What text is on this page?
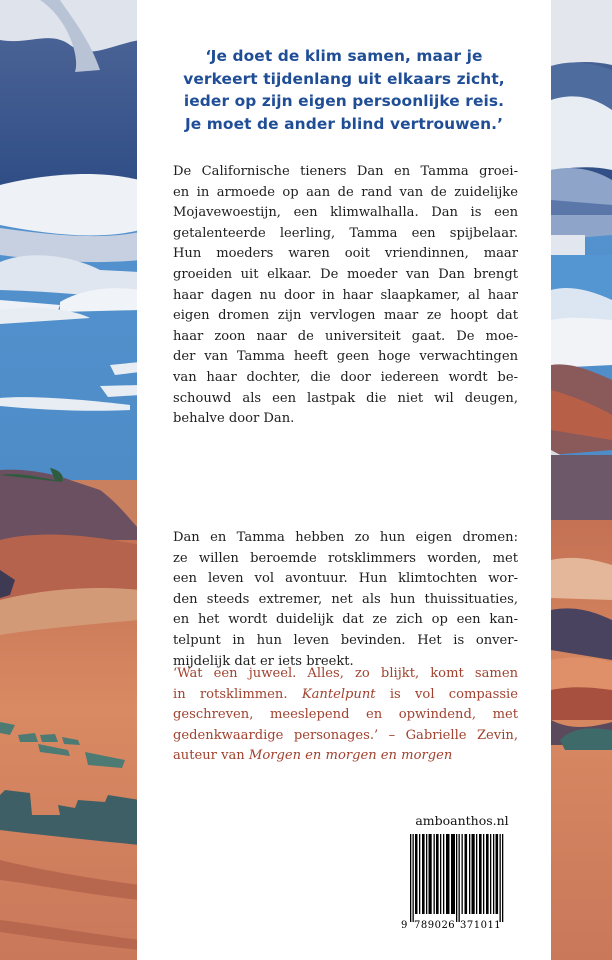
‘Je doet de klim samen, maar je
verkeert tijdenlang uit elkaars zicht,
ieder op zijn eigen persoonlijke reis.
Je moet de ander blind vertrouwen.’
De Californische tieners Dan en Tamma groei-
en in armoede op aan de rand van de zuidelijke
Mojavewoestijn, een klimwalhalla. Dan is een
getalenteerde leerling, Tamma een spijbelaar.
Hun moeders waren ooit vriendinnen, maar
groeiden uit elkaar. De moeder van Dan brengt
haar dagen nu door in haar slaapkamer, al haar
eigen dromen zijn vervlogen maar ze hoopt dat
haar zoon naar de universiteit gaat. De moe-
der van Tamma heeft geen hoge verwachtingen
van haar dochter, die door iedereen wordt be-
schouwd als een lastpak die niet wil deugen,
behalve door Dan.
Dan en Tamma hebben zo hun eigen dromen:
ze willen beroemde rotsklimmers worden, met
een leven vol avontuur. Hun klimtochten wor-
den steeds extremer, net als hun thuissituaties,
en het wordt duidelijk dat ze zich op een kan-
telpunt in hun leven bevinden. Het is onver-
mijdelijk dat er iets breekt.
‘Wat een juweel. Alles, zo blijkt, komt samen
in rotsklimmen. Kantelpunt is vol compassie
geschreven, meeslepend en opwindend, met
gedenkwaardige personages.’ – Gabrielle Zevin,
auteur van Morgen en morgen en morgen
amboanthos.nl
9 789026 371011
